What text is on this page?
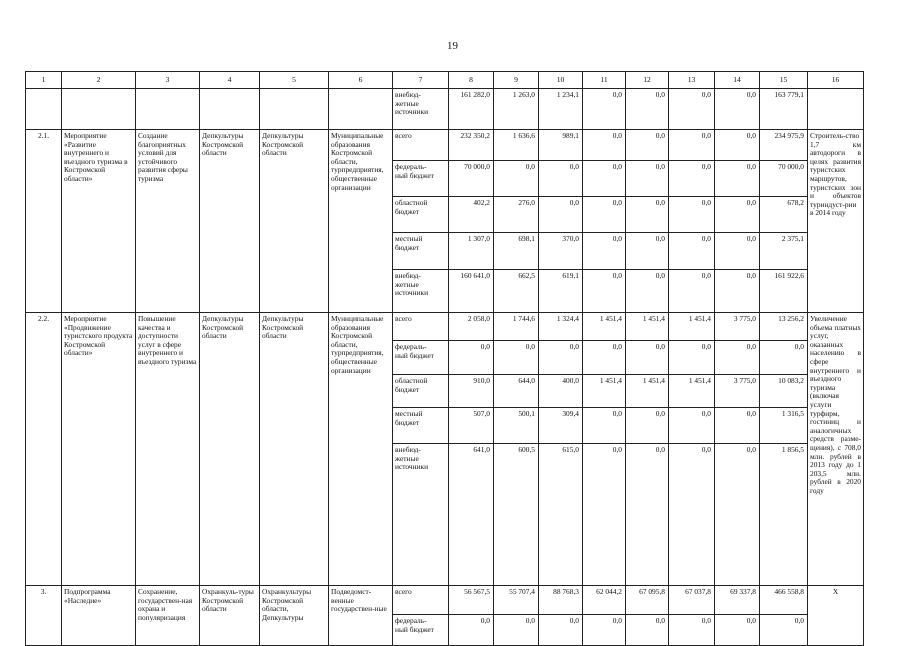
19
1	2	3	4	5	6	7	8	9	10	11	12	13	14	15	16
						внебюд-
жетные
источники	161 282,0	1 263,0	1 234,1	0,0	0,0	0,0	0,0	163 779,1	
2.1.	Мероприятие «Развитие внутреннего и въездного туризма в Костромской области»	Создание благоприятных условий для устойчивого развития сферы туризма	Депкультуры Костромской области	Депкультуры Костромской области	Муниципальные образования Костромской области, турпредприятия, общественные организации	всего	232 350,2	1 636,6	989,1	0,0	0,0	0,0	0,0	234 975,9	Строитель-ство 1,7 км автодороги в целях развития туристских маршрутов, туристских зон и объектов туриндуст-рии в 2014 году
						федераль-
ный бюджет	70 000,0	0,0	0,0	0,0	0,0	0,0	0,0	70 000,0	
						областной
бюджет	402,2	276,0	0,0	0,0	0,0	0,0	0,0	678,2	
						местный
бюджет	1 307,0	698,1	370,0	0,0	0,0	0,0	0,0	2 375,1	
						внебюд-
жетные
источники	160 641,0	662,5	619,1	0,0	0,0	0,0	0,0	161 922,6	
2.2.	Мероприятие «Продвижение туристского продукта Костромской области»	Повышение качества и доступности услуг в сфере внутреннего и въездного туризма	Депкультуры Костромской области	Депкультуры Костромской области	Муниципальные образования Костромской области, турпредприятия, общественные организации	всего	2 058,0	1 744,6	1 324,4	1 451,4	1 451,4	1 451,4	3 775,0	13 256,2	Увеличение объема платных услуг, оказанных населению в сфере внутреннего и въездного туризма (включая услуги турфирм, гостиниц и аналогичных средств разме-щения), с 708,0 млн. рублей в 2013 году до 1 203,5 млн. рублей в 2020 году
						федераль-
ный бюджет	0,0	0,0	0,0	0,0	0,0	0,0	0,0	0,0	
						областной
бюджет	910,0	644,0	400,0	1 451,4	1 451,4	1 451,4	3 775,0	10 083,2	
						местный
бюджет	507,0	500,1	309,4	0,0	0,0	0,0	0,0	1 316,5	
						внебюд-
жетные
источники	641,0	600,5	615,0	0,0	0,0	0,0	0,0	1 856,5	
3.	Подпрограмма «Наследие»	Сохранение, государствен-ная охрана и популяризация	Охранкуль-туры Костромской области	Охранкультуры Костромской области, Депкультуры	Подведомст-венные государствен-ные	всего	56 567,5	55 707,4	88 768,3	62 044,2	67 095,8	67 037,8	69 337,8	466 558,8	Х
						федераль-
ный бюджет	0,0	0,0	0,0	0,0	0,0	0,0	0,0	0,0	
